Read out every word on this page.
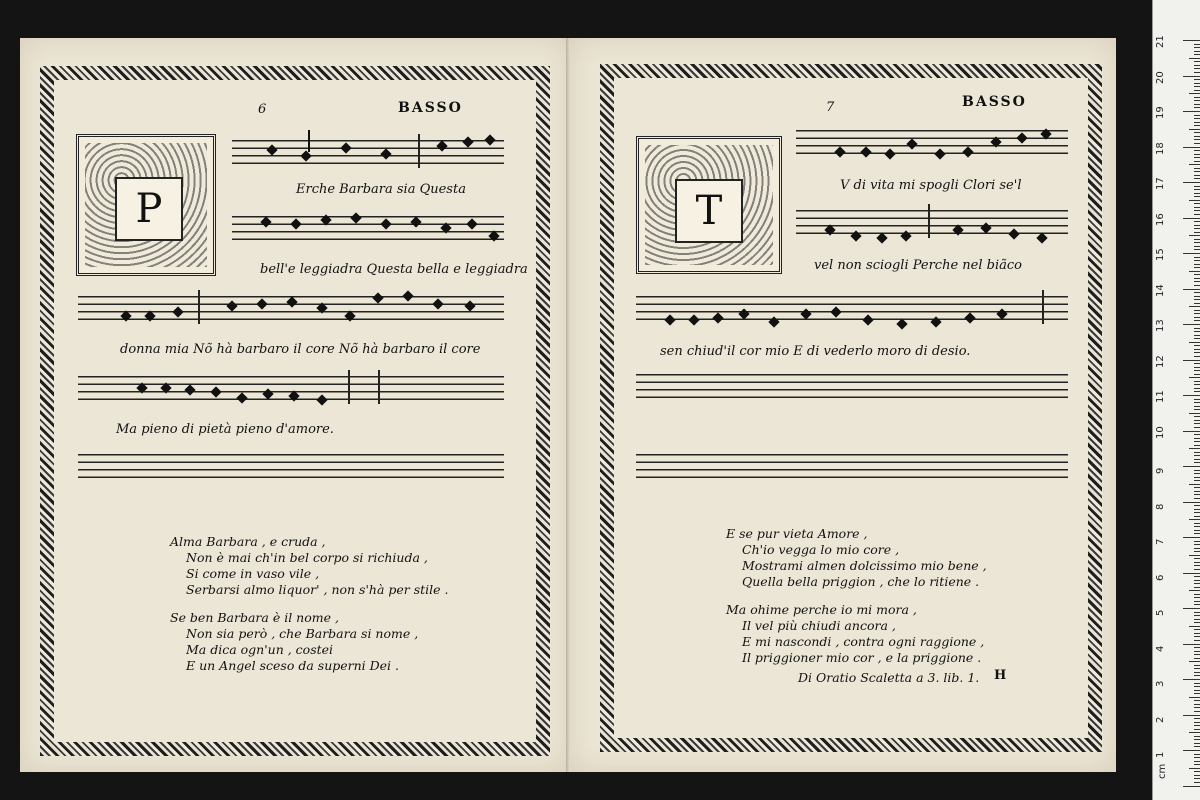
6	BASSO
P	Erche Barbara sia Questa
bell'e leggiadra Questa bella e leggiadra
donna mia Nõ hà barbaro il core Nõ hà barbaro il core
Ma pieno di pietà pieno d'amore.

Alma Barbara , e cruda ,

Non è mai ch'in bel corpo si richiuda ,

Si come in vaso vile ,

Serbarsi almo liquor' , non s'hà per stile .

Se ben Barbara è il nome ,

Non sia però , che Barbara si nome ,

Ma dica ogn'un , costei

E un Angel sceso da superni Dei .

7	BASSO
T
V di vita mi spogli Clori se'l
vel non sciogli Perche nel biãco
sen chiud'il cor mio E di vederlo moro di desio.

E se pur vieta Amore ,

Ch'io vegga lo mio core ,

Mostrami almen dolcissimo mio bene ,

Quella bella priggion , che lo ritiene .

Ma ohime perche io mi mora ,

Il vel più chiudi ancora ,

E mi nascondi , contra ogni raggione ,

Il priggioner mio cor , e la priggione .

Di Oratio Scaletta a 3. lib. 1. H
1
2
3
4
5
6
7
8
9
10
11
12
13
14
15
16
17
18
19
20
21
cm
